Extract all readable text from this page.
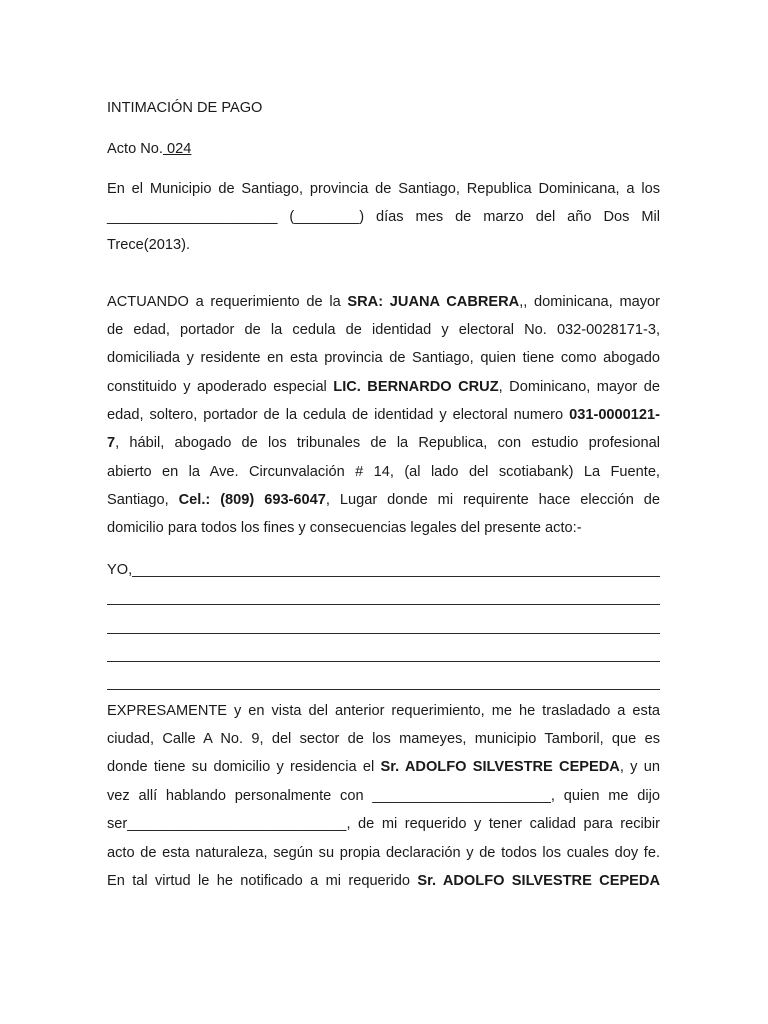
INTIMACIÓN DE PAGO
Acto No. 024
En el Municipio de Santiago, provincia de Santiago, Republica Dominicana, a los
_____________________ (________) días mes de marzo del año Dos Mil
Trece(2013).
ACTUANDO a requerimiento de la SRA: JUANA CABRERA,, dominicana, mayor
de edad, portador de la cedula de identidad y electoral No. 032-0028171-3,
domiciliada y residente en esta provincia de Santiago, quien tiene como abogado
constituido y apoderado especial LIC. BERNARDO CRUZ, Dominicano, mayor de
edad, soltero, portador de la cedula de identidad y electoral numero 031-0000121-
7, hábil, abogado de los tribunales de la Republica, con estudio profesional
abierto en la Ave. Circunvalación # 14, (al lado del scotiabank) La Fuente,
Santiago, Cel.: (809) 693-6047, Lugar donde mi requirente hace elección de
domicilio para todos los fines y consecuencias legales del presente acto:-
YO,
EXPRESAMENTE y en vista del anterior requerimiento, me he trasladado a esta
ciudad, Calle A No. 9, del sector de los mameyes, municipio Tamboril, que es
donde tiene su domicilio y residencia el Sr. ADOLFO SILVESTRE CEPEDA, y un
vez allí hablando personalmente con ______________________, quien me dijo
ser___________________________, de mi requerido y tener calidad para recibir
acto de esta naturaleza, según su propia declaración y de todos los cuales doy fe.
En tal virtud le he notificado a mi requerido Sr. ADOLFO SILVESTRE CEPEDA
